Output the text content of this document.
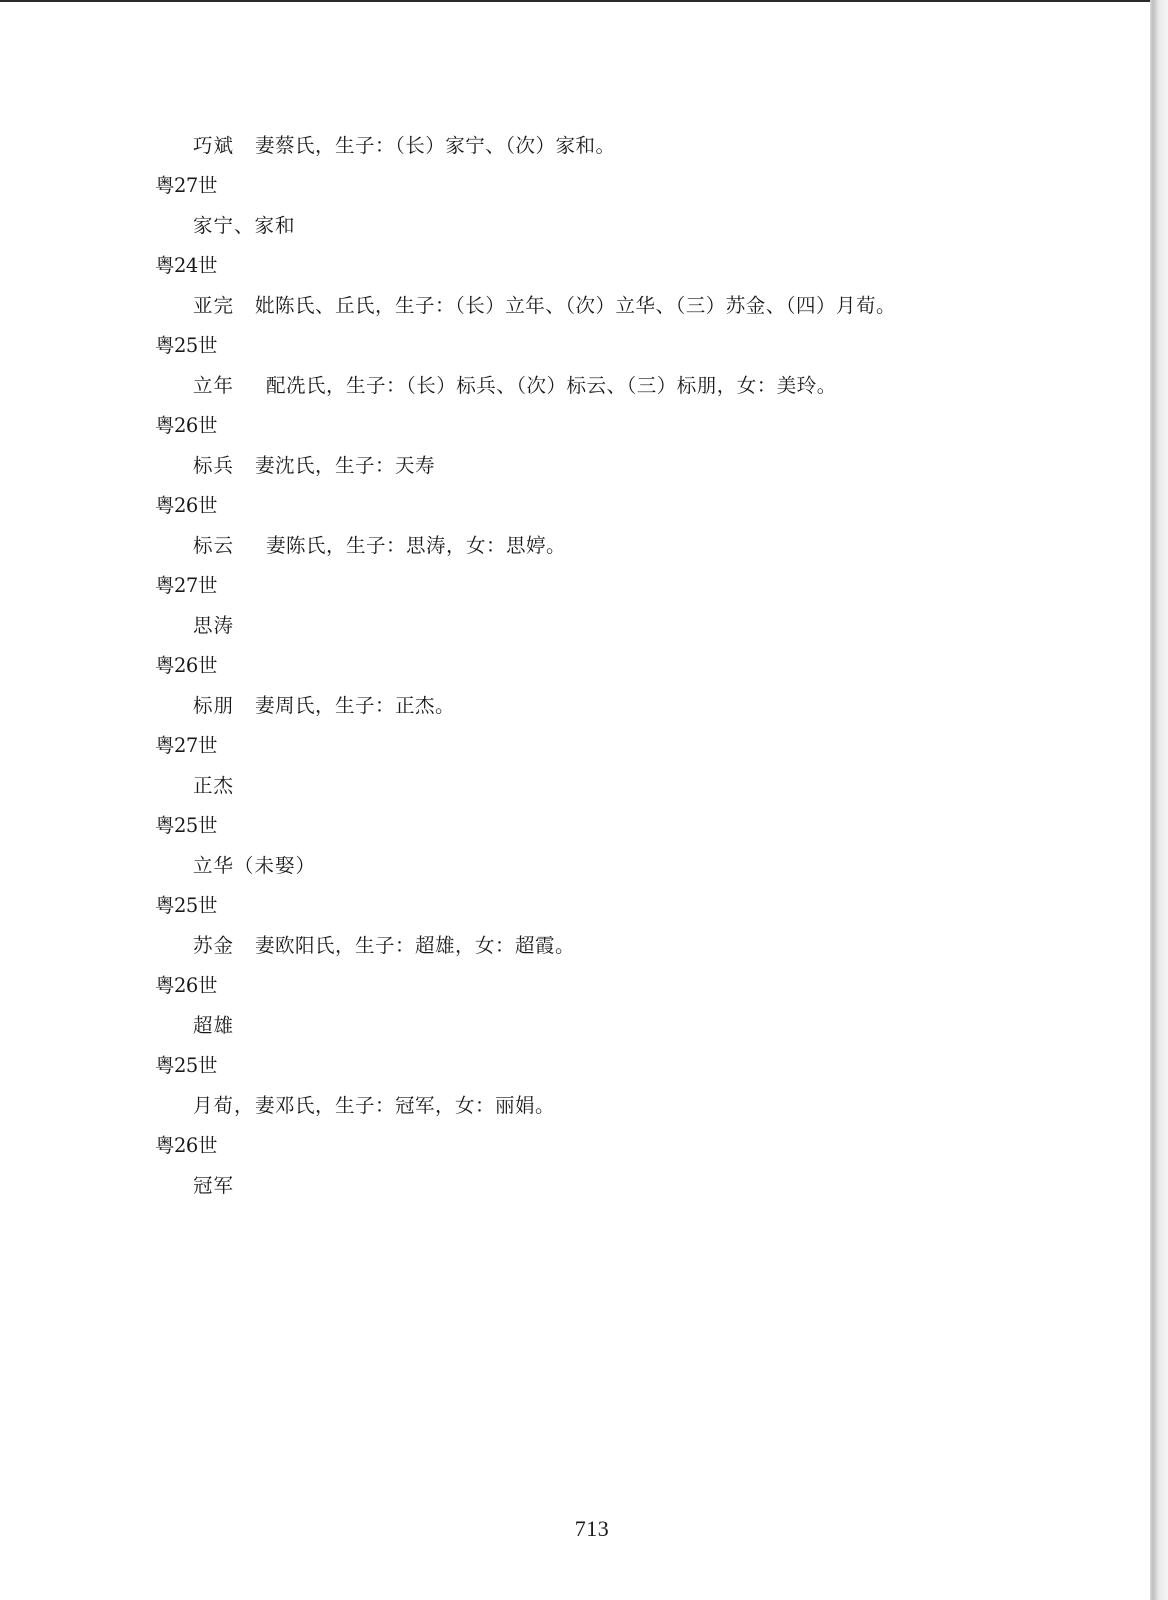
巧斌 妻蔡氏，生子：（长）家宁、（次）家和。
粤27世
家宁、家和
粤24世
亚完 妣陈氏、丘氏，生子：（长）立年、（次）立华、（三）苏金、（四）月荀。
粤25世
立年 配冼氏，生子：（长）标兵、（次）标云、（三）标朋，女：美玲。
粤26世
标兵 妻沈氏，生子：天寿
粤26世
标云 妻陈氏，生子：思涛，女：思婷。
粤27世
思涛
粤26世
标朋 妻周氏，生子：正杰。
粤27世
正杰
粤25世
立华（未娶）
粤25世
苏金 妻欧阳氏，生子：超雄，女：超霞。
粤26世
超雄
粤25世
月荀，妻邓氏，生子：冠军，女：丽娟。
粤26世
冠军
713
